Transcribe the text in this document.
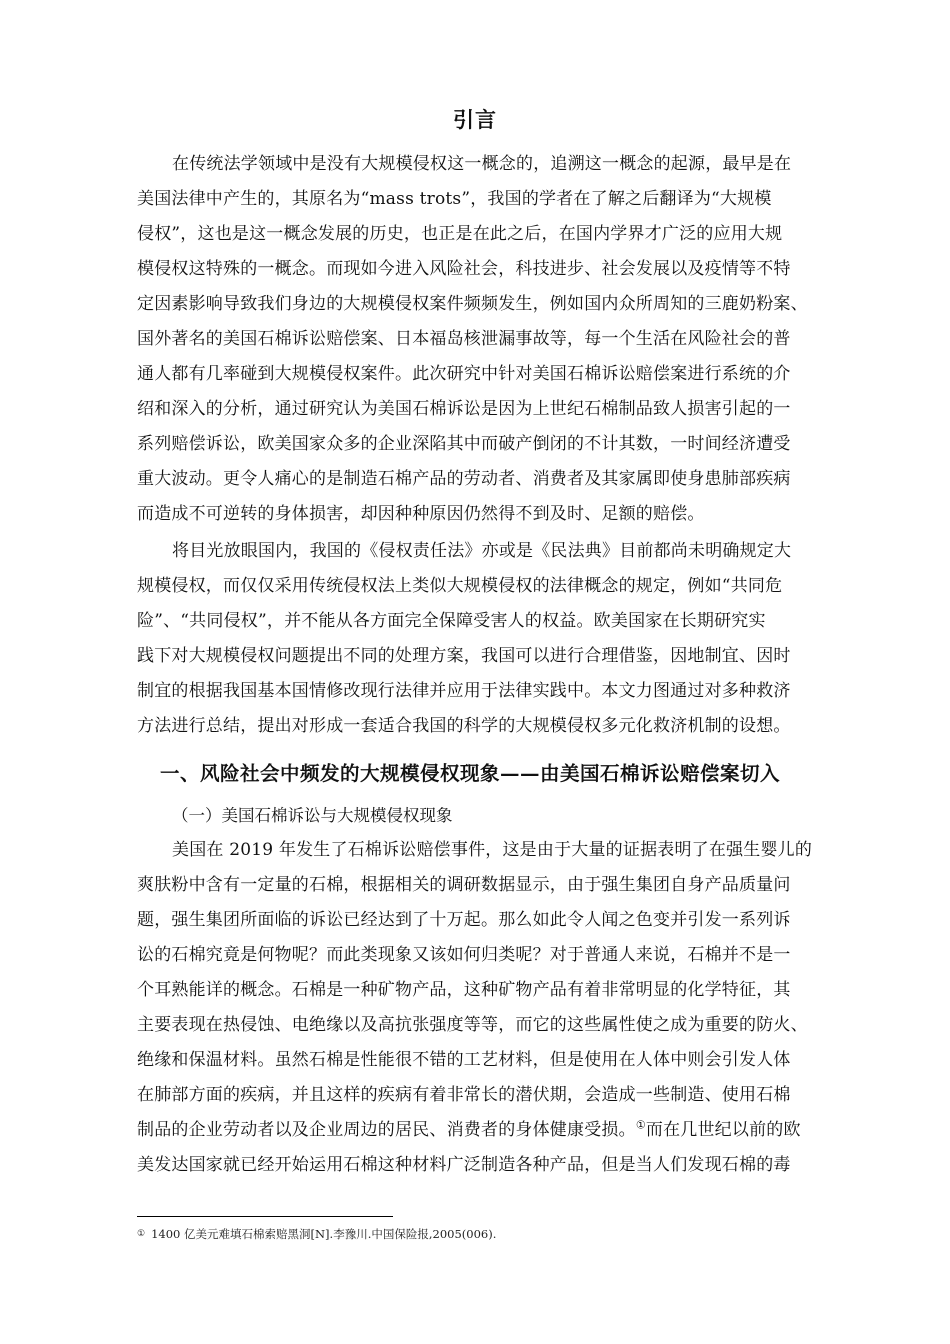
引言
在传统法学领域中是没有大规模侵权这一概念的，追溯这一概念的起源，最早是在
美国法律中产生的，其原名为“mass trots”，我国的学者在了解之后翻译为“大规模
侵权”，这也是这一概念发展的历史，也正是在此之后，在国内学界才广泛的应用大规
模侵权这特殊的一概念。而现如今进入风险社会，科技进步、社会发展以及疫情等不特
定因素影响导致我们身边的大规模侵权案件频频发生，例如国内众所周知的三鹿奶粉案、
国外著名的美国石棉诉讼赔偿案、日本福岛核泄漏事故等，每一个生活在风险社会的普
通人都有几率碰到大规模侵权案件。此次研究中针对美国石棉诉讼赔偿案进行系统的介
绍和深入的分析，通过研究认为美国石棉诉讼是因为上世纪石棉制品致人损害引起的一
系列赔偿诉讼，欧美国家众多的企业深陷其中而破产倒闭的不计其数，一时间经济遭受
重大波动。更令人痛心的是制造石棉产品的劳动者、消费者及其家属即使身患肺部疾病
而造成不可逆转的身体损害，却因种种原因仍然得不到及时、足额的赔偿。
将目光放眼国内，我国的《侵权责任法》亦或是《民法典》目前都尚未明确规定大
规模侵权，而仅仅采用传统侵权法上类似大规模侵权的法律概念的规定，例如“共同危
险”、“共同侵权”，并不能从各方面完全保障受害人的权益。欧美国家在长期研究实
践下对大规模侵权问题提出不同的处理方案，我国可以进行合理借鉴，因地制宜、因时
制宜的根据我国基本国情修改现行法律并应用于法律实践中。本文力图通过对多种救济
方法进行总结，提出对形成一套适合我国的科学的大规模侵权多元化救济机制的设想。
一、风险社会中频发的大规模侵权现象——由美国石棉诉讼赔偿案切入
（一）美国石棉诉讼与大规模侵权现象
美国在 2019 年发生了石棉诉讼赔偿事件，这是由于大量的证据表明了在强生婴儿的
爽肤粉中含有一定量的石棉，根据相关的调研数据显示，由于强生集团自身产品质量问
题，强生集团所面临的诉讼已经达到了十万起。那么如此令人闻之色变并引发一系列诉
讼的石棉究竟是何物呢？而此类现象又该如何归类呢？对于普通人来说，石棉并不是一
个耳熟能详的概念。石棉是一种矿物产品，这种矿物产品有着非常明显的化学特征，其
主要表现在热侵蚀、电绝缘以及高抗张强度等等，而它的这些属性使之成为重要的防火、
绝缘和保温材料。虽然石棉是性能很不错的工艺材料，但是使用在人体中则会引发人体
在肺部方面的疾病，并且这样的疾病有着非常长的潜伏期，会造成一些制造、使用石棉
制品的企业劳动者以及企业周边的居民、消费者的身体健康受损。①而在几世纪以前的欧
美发达国家就已经开始运用石棉这种材料广泛制造各种产品，但是当人们发现石棉的毒
① 1400 亿美元难填石棉索赔黑洞[N].李豫川.中国保险报,2005(006).
